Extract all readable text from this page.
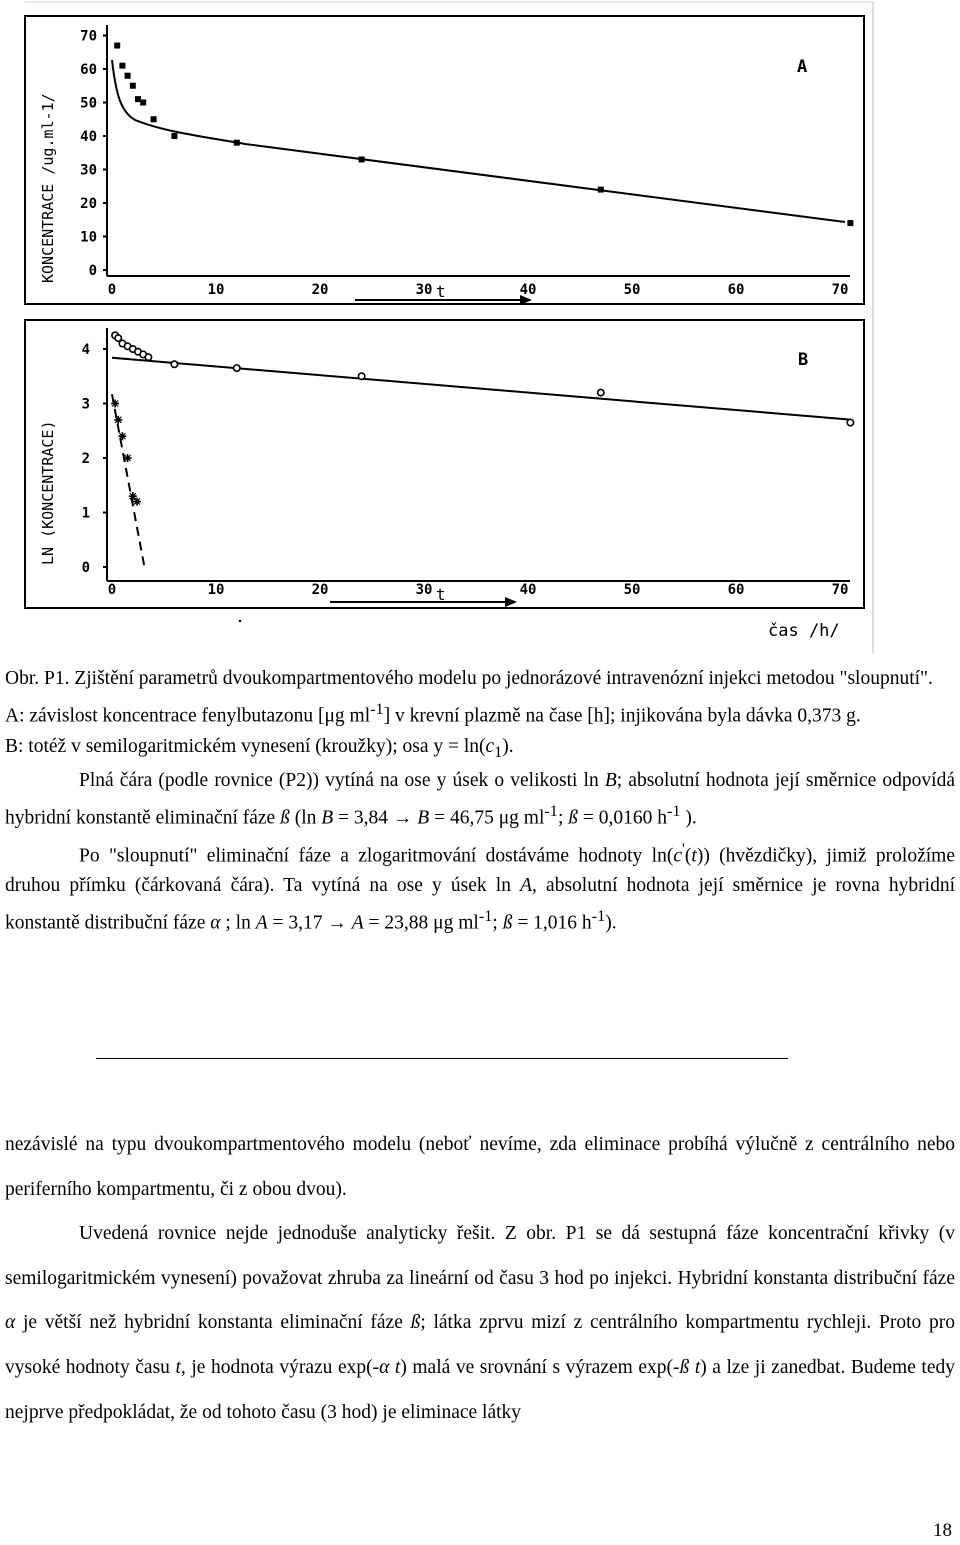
0
10
20
30
40
50
60
70
0	10	20	30	40	50	60	70
KONCENTRACE /ug.ml-1/
A
t
0
1
2
3
4
0	10	20	30	40	50	60	70
LN (KONCENTRACE)
B
t
čas /h/

Obr. P1. Zjištění parametrů dvoukompartmentového modelu po jednorázové intravenózní injekci metodou "sloupnutí".

A: závislost koncentrace fenylbutazonu [μg $ml^{-1}$] v krevní plazmě na čase [h]; injikována byla dávka 0,373 g.

B: totéž v semilogaritmickém vynesení (kroužky); osa $y = \ln(c_1)$.

Plná čára (podle rovnice (P2)) vytíná na ose y úsek o velikosti ln B; absolutní hodnota její směrnice odpovídá hybridní konstantě eliminační fáze ß (ln B = 3,84 → B = 46,75 μg $ml^{-1}$; ß = 0,0160 $h^{-1}$ ).

Po "sloupnutí" eliminační fáze a zlogaritmování dostáváme hodnoty ln(c'(t)) (hvězdičky), jimiž proložíme druhou přímku (čárkovaná čára). Ta vytíná na ose y úsek ln A, absolutní hodnota její směrnice je rovna hybridní konstantě distribuční fáze α ; ln A = 3,17 → A = 23,88 μg $ml^{-1}$; ß = 1,016 $h^{-1}$).

nezávislé na typu dvoukompartmentového modelu (neboť nevíme, zda eliminace probíhá výlučně z centrálního nebo periferního kompartmentu, či z obou dvou).

Uvedená rovnice nejde jednoduše analyticky řešit. Z obr. P1 se dá sestupná fáze koncentrační křivky (v semilogaritmickém vynesení) považovat zhruba za lineární od času 3 hod po injekci. Hybridní konstanta distribuční fáze α je větší než hybridní konstanta eliminační fáze ß; látka zprvu mizí z centrálního kompartmentu rychleji. Proto pro vysoké hodnoty času t, je hodnota výrazu exp(-α t) malá ve srovnání s výrazem exp(-ß t) a lze ji zanedbat. Budeme tedy nejprve předpokládat, že od tohoto času (3 hod) je eliminace látky

18
